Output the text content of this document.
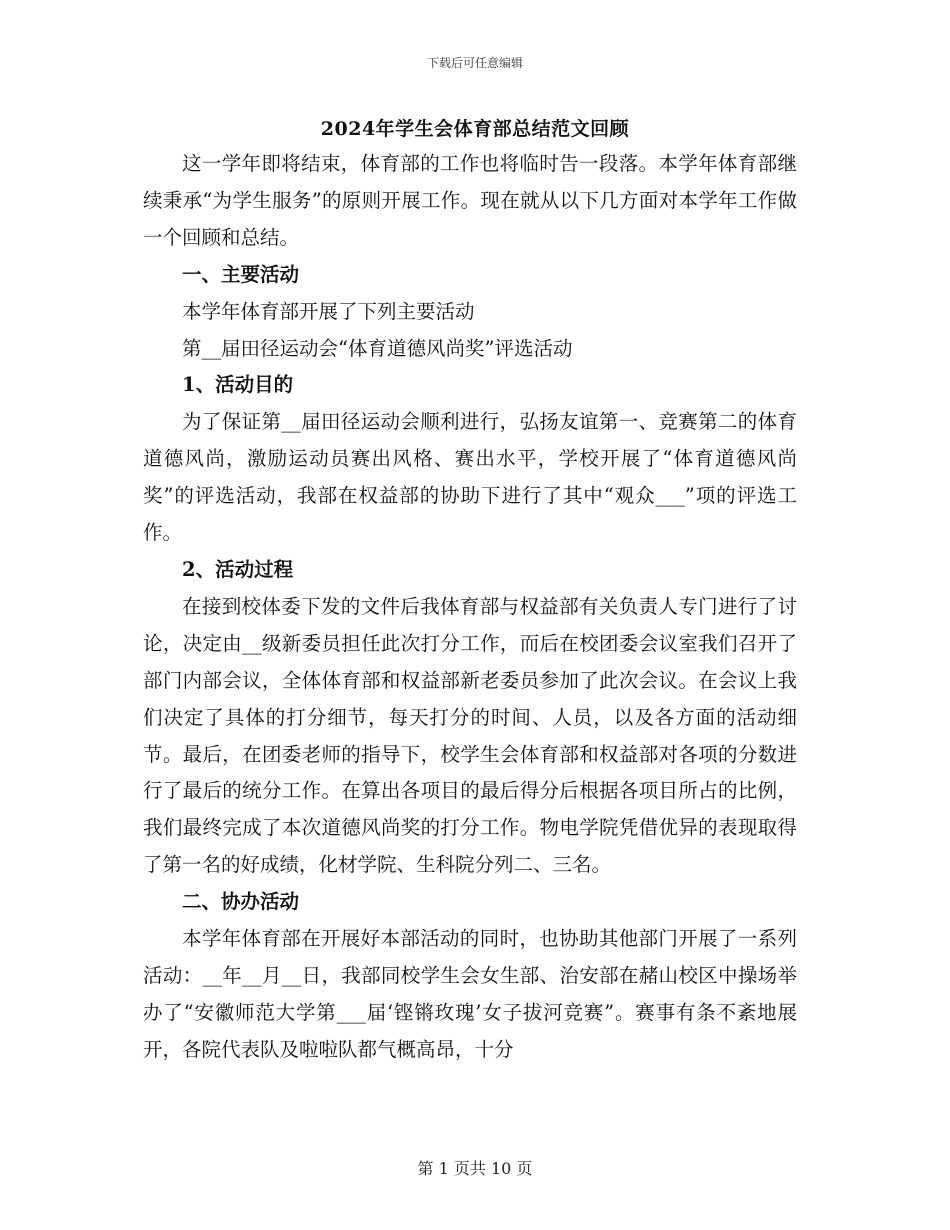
下载后可任意编辑
2024年学生会体育部总结范文回顾

这一学年即将结束，体育部的工作也将临时告一段落。本学年体育部继续秉承“为学生服务”的原则开展工作。现在就从以下几方面对本学年工作做一个回顾和总结。

一、主要活动

本学年体育部开展了下列主要活动

第__届田径运动会“体育道德风尚奖”评选活动

1、活动目的

为了保证第__届田径运动会顺利进行，弘扬友谊第一、竞赛第二的体育道德风尚，激励运动员赛出风格、赛出水平，学校开展了“体育道德风尚奖”的评选活动，我部在权益部的协助下进行了其中“观众___”项的评选工作。

2、活动过程

在接到校体委下发的文件后我体育部与权益部有关负责人专门进行了讨论，决定由__级新委员担任此次打分工作，而后在校团委会议室我们召开了部门内部会议，全体体育部和权益部新老委员参加了此次会议。在会议上我们决定了具体的打分细节，每天打分的时间、人员，以及各方面的活动细节。最后，在团委老师的指导下，校学生会体育部和权益部对各项的分数进行了最后的统分工作。在算出各项目的最后得分后根据各项目所占的比例，我们最终完成了本次道德风尚奖的打分工作。物电学院凭借优异的表现取得了第一名的好成绩，化材学院、生科院分列二、三名。

二、协办活动

本学年体育部在开展好本部活动的同时，也协助其他部门开展了一系列活动：__年__月__日，我部同校学生会女生部、治安部在赭山校区中操场举办了“安徽师范大学第___届‘铿锵玫瑰’女子拔河竞赛”。赛事有条不紊地展开，各院代表队及啦啦队都气概高昂，十分

第 1 页共 10 页
